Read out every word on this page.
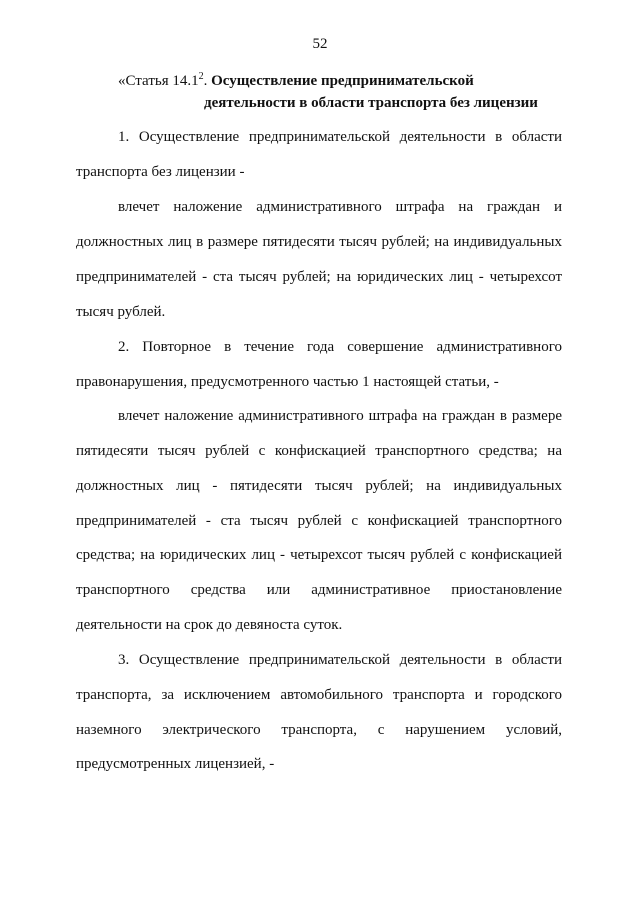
52
«Статья 14.1$^2$. Осуществление предпринимательской
деятельности в области транспорта без лицензии
1. Осуществление предпринимательской деятельности в области
транспорта без лицензии -
влечет наложение административного штрафа на граждан и
должностных лиц в размере пятидесяти тысяч рублей; на индивидуальных
предпринимателей - ста тысяч рублей; на юридических лиц - четырехсот
тысяч рублей.
2. Повторное в течение года совершение административного
правонарушения, предусмотренного частью 1 настоящей статьи, -
влечет наложение административного штрафа на граждан в размере
пятидесяти тысяч рублей с конфискацией транспортного средства; на
должностных лиц - пятидесяти тысяч рублей; на индивидуальных
предпринимателей - ста тысяч рублей с конфискацией транспортного
средства; на юридических лиц - четырехсот тысяч рублей с конфискацией
транспортного средства или административное приостановление
деятельности на срок до девяноста суток.
3. Осуществление предпринимательской деятельности в области
транспорта, за исключением автомобильного транспорта и городского
наземного электрического транспорта, с нарушением условий,
предусмотренных лицензией, -
